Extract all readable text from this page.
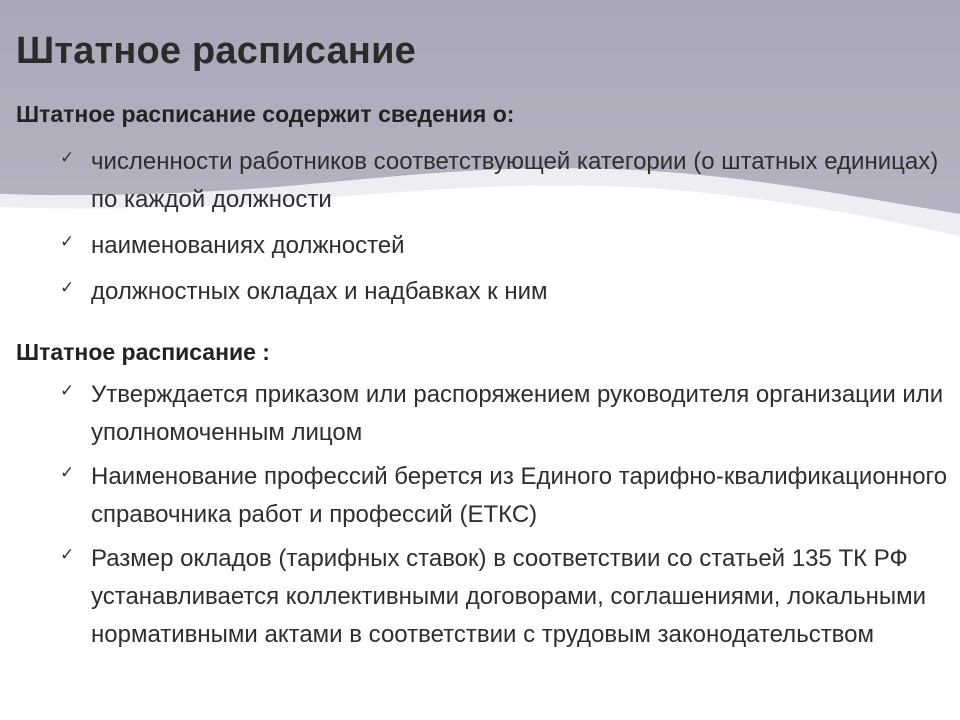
Штатное расписание

Штатное расписание содержит сведения о:

✓ численности работников соответствующей категории (о штатных единицах) по каждой должности
✓ наименованиях должностей
✓ должностных окладах и надбавках к ним

Штатное расписание :

✓ Утверждается приказом или распоряжением руководителя организации или уполномоченным лицом
✓ Наименование профессий берется из Единого тарифно-квалификационного справочника работ и профессий (ЕТКС)
✓ Размер окладов (тарифных ставок) в соответствии со статьей 135 ТК РФ устанавливается коллективными договорами, соглашениями, локальными нормативными актами в соответствии с трудовым законодательством
